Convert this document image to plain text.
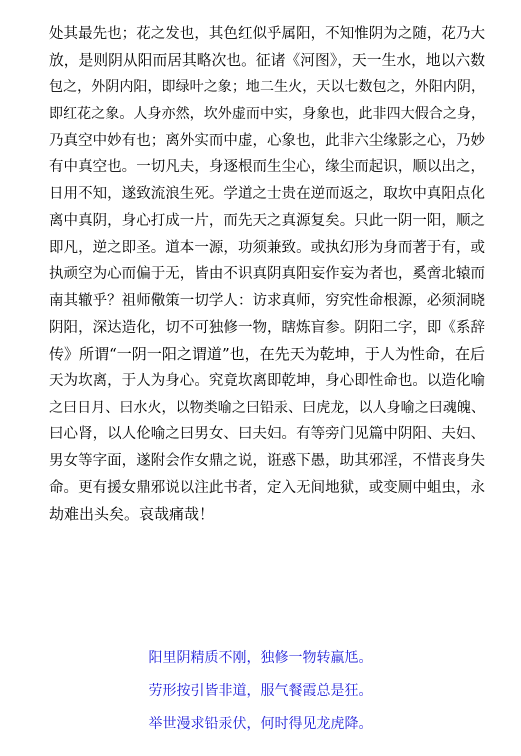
处其最先也；花之发也，其色红似乎属阳，不知惟阴为之随，花乃大
放，是则阴从阳而居其略次也。征诸《河图》，天一生水，地以六数
包之，外阴内阳，即绿叶之象；地二生火，天以七数包之，外阳内阴，
即红花之象。人身亦然，坎外虚而中实，身象也，此非四大假合之身，
乃真空中妙有也；离外实而中虚，心象也，此非六尘缘影之心，乃妙
有中真空也。一切凡夫，身逐根而生尘心，缘尘而起识，顺以出之，
日用不知，遂致流浪生死。学道之士贵在逆而返之，取坎中真阳点化
离中真阴，身心打成一片，而先天之真源复矣。只此一阴一阳，顺之
即凡，逆之即圣。道本一源，功须兼致。或执幻形为身而著于有，或
执顽空为心而偏于无，皆由不识真阴真阳妄作妄为者也，奚啻北辕而
南其辙乎？祖师儆策一切学人：访求真师，穷究性命根源，必须洞晓
阴阳，深达造化，切不可独修一物，瞎炼盲参。阴阳二字，即《系辞
传》所谓“一阴一阳之谓道”也，在先天为乾坤，于人为性命，在后
天为坎离，于人为身心。究竟坎离即乾坤，身心即性命也。以造化喻
之曰日月、曰水火，以物类喻之曰铅汞、曰虎龙，以人身喻之曰魂魄、
曰心肾，以人伦喻之曰男女、曰夫妇。有等旁门见篇中阴阳、夫妇、
男女等字面，遂附会作女鼎之说，诳惑下愚，助其邪淫，不惜丧身失
命。更有援女鼎邪说以注此书者，定入无间地狱，或变厕中蛆虫，永
劫难出头矣。哀哉痛哉！
阳里阴精质不刚，独修一物转羸尪。
劳形按引皆非道，服气餐霞总是狂。
举世漫求铅汞伏，何时得见龙虎降。
